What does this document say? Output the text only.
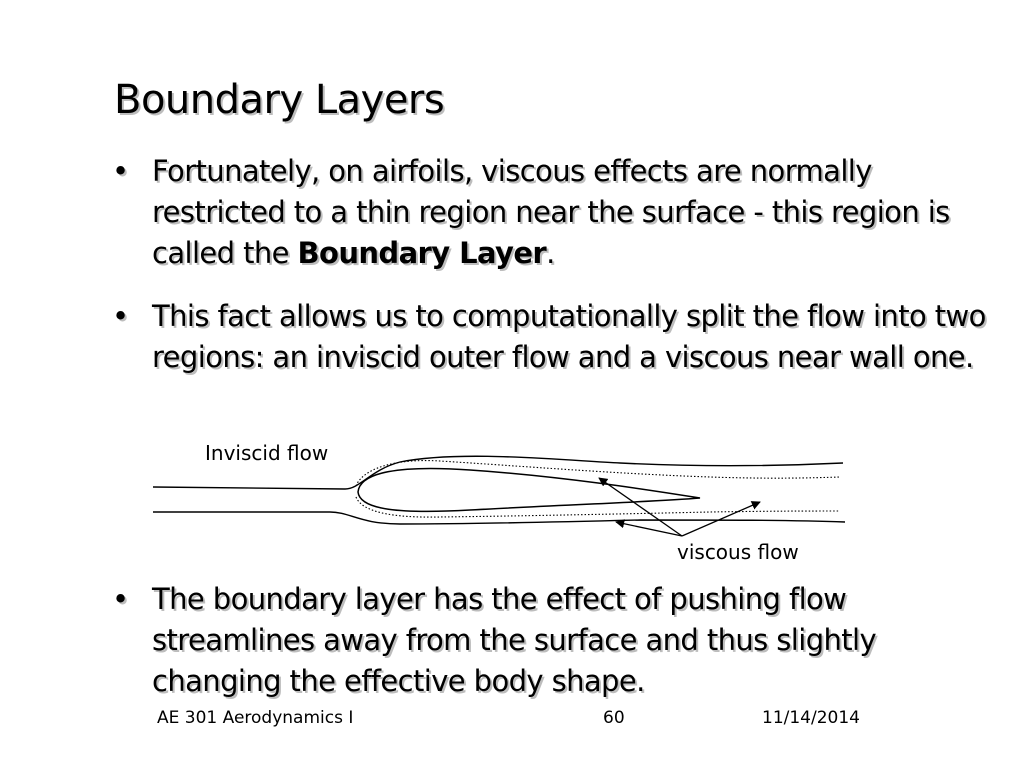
Boundary Layers
• Fortunately, on airfoils, viscous effects are normally restricted to a thin region near the surface - this region is called the Boundary Layer.
• This fact allows us to computationally split the flow into two regions: an inviscid outer flow and a viscous near wall one.
Inviscid flow
viscous flow
• The boundary layer has the effect of pushing flow streamlines away from the surface and thus slightly changing the effective body shape.
AE 301 Aerodynamics I	60	11/14/2014
